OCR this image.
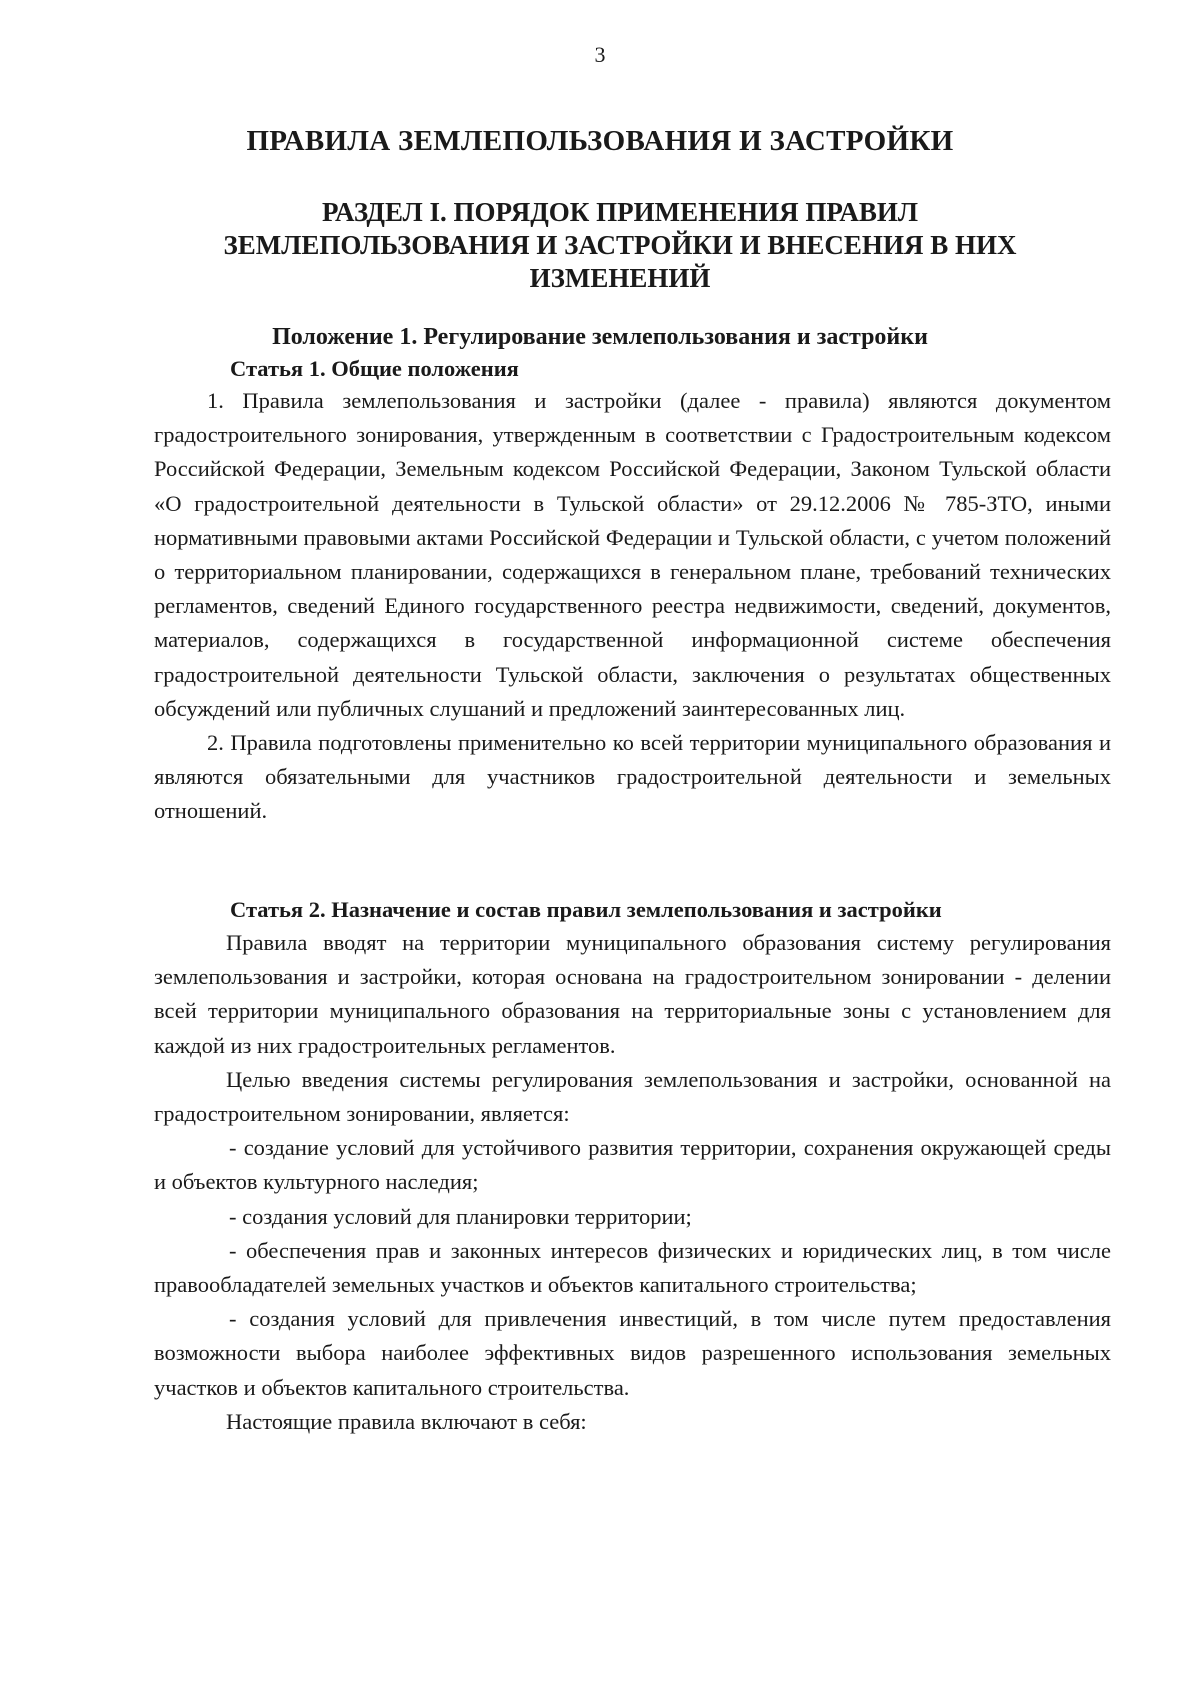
3
ПРАВИЛА ЗЕМЛЕПОЛЬЗОВАНИЯ И ЗАСТРОЙКИ
РАЗДЕЛ I. ПОРЯДОК ПРИМЕНЕНИЯ ПРАВИЛ ЗЕМЛЕПОЛЬЗОВАНИЯ И ЗАСТРОЙКИ И ВНЕСЕНИЯ В НИХ ИЗМЕНЕНИЙ
Положение 1. Регулирование землепользования и застройки
Статья 1. Общие положения

1. Правила землепользования и застройки (далее - правила) являются документом градостроительного зонирования, утвержденным в соответствии с Градостроительным кодексом Российской Федерации, Земельным кодексом Российской Федерации, Законом Тульской области «О градостроительной деятельности в Тульской области» от 29.12.2006 № 785-ЗТО, иными нормативными правовыми актами Российской Федерации и Тульской области, с учетом положений о территориальном планировании, содержащихся в генеральном плане, требований технических регламентов, сведений Единого государственного реестра недвижимости, сведений, документов, материалов, содержащихся в государственной информационной системе обеспечения градостроительной деятельности Тульской области, заключения о результатах общественных обсуждений или публичных слушаний и предложений заинтересованных лиц.

2. Правила подготовлены применительно ко всей территории муниципального образования и являются обязательными для участников градостроительной деятельности и земельных отношений.

Статья 2. Назначение и состав правил землепользования и застройки

Правила вводят на территории муниципального образования систему регулирования землепользования и застройки, которая основана на градостроительном зонировании - делении всей территории муниципального образования на территориальные зоны с установлением для каждой из них градостроительных регламентов.

Целью введения системы регулирования землепользования и застройки, основанной на градостроительном зонировании, является:

- создание условий для устойчивого развития территории, сохранения окружающей среды и объектов культурного наследия;

- создания условий для планировки территории;

- обеспечения прав и законных интересов физических и юридических лиц, в том числе правообладателей земельных участков и объектов капитального строительства;

- создания условий для привлечения инвестиций, в том числе путем предоставления возможности выбора наиболее эффективных видов разрешенного использования земельных участков и объектов капитального строительства.

Настоящие правила включают в себя:
